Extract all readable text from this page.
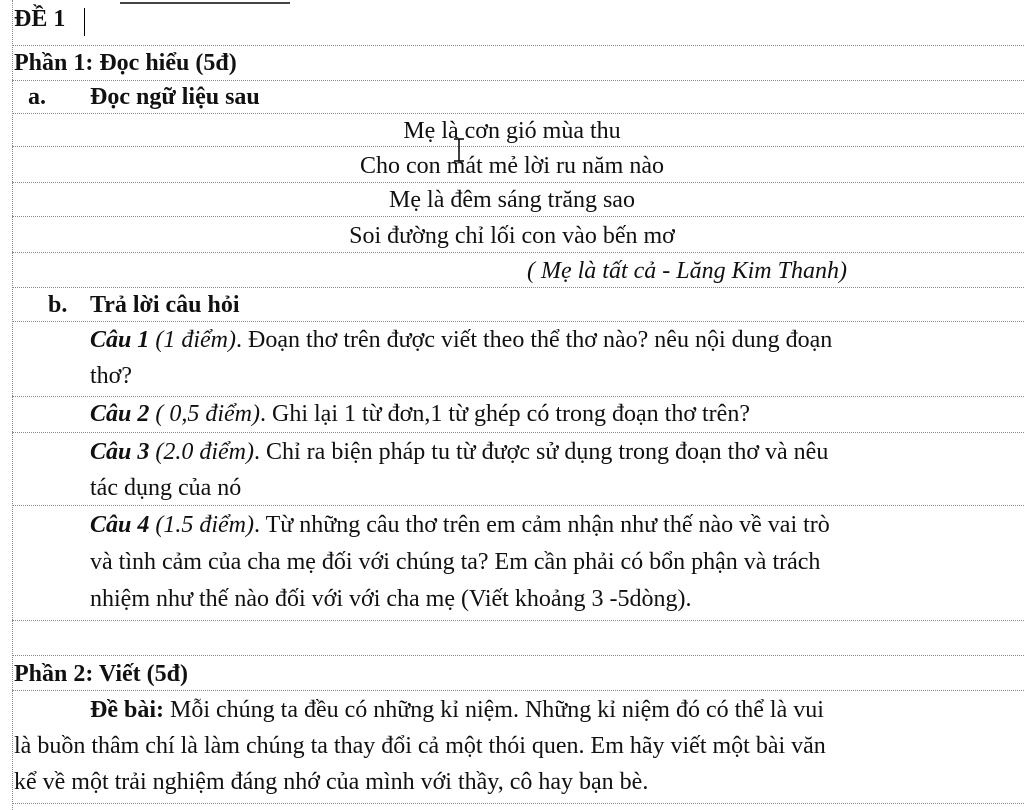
ĐỀ 1
Phần 1: Đọc hiểu (5đ)
a. Đọc ngữ liệu sau
Mẹ là cơn gió mùa thu
Cho con mát mẻ lời ru năm nào
Mẹ là đêm sáng trăng sao
Soi đường chỉ lối con vào bến mơ
( Mẹ là tất cả - Lăng Kim Thanh)
b. Trả lời câu hỏi
Câu 1 (1 điểm). Đoạn thơ trên được viết theo thể thơ nào? nêu nội dung đoạn
thơ?
Câu 2 ( 0,5 điểm). Ghi lại 1 từ đơn,1 từ ghép có trong đoạn thơ trên?
Câu 3 (2.0 điểm). Chỉ ra biện pháp tu từ được sử dụng trong đoạn thơ và nêu
tác dụng của nó
Câu 4 (1.5 điểm). Từ những câu thơ trên em cảm nhận như thế nào về vai trò
và tình cảm của cha mẹ đối với chúng ta? Em cần phải có bổn phận và trách
nhiệm như thế nào đối với với cha mẹ (Viết khoảng 3 -5dòng).
Phần 2: Viết (5đ)
Đề bài: Mỗi chúng ta đều có những kỉ niệm. Những kỉ niệm đó có thể là vui
là buồn thâm chí là làm chúng ta thay đổi cả một thói quen. Em hãy viết một bài văn
kể về một trải nghiệm đáng nhớ của mình với thầy, cô hay bạn bè.
